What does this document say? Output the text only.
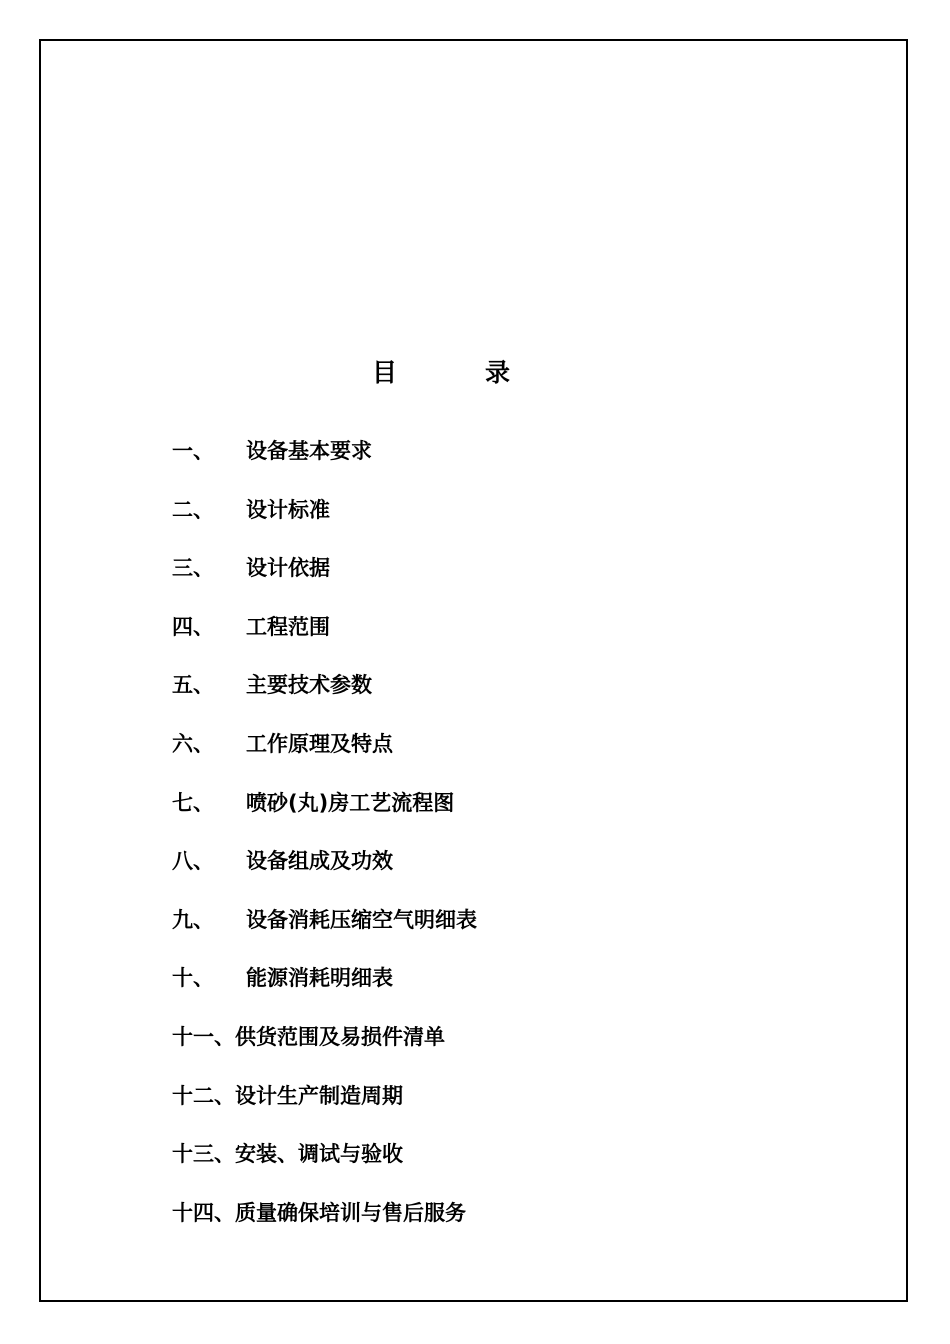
目	录
一、 设备基本要求
二、 设计标准
三、 设计依据
四、 工程范围
五、 主要技术参数
六、 工作原理及特点
七、 喷砂(丸)房工艺流程图
八、 设备组成及功效
九、 设备消耗压缩空气明细表
十、 能源消耗明细表
十一、供货范围及易损件清单
十二、设计生产制造周期
十三、安装、调试与验收
十四、质量确保培训与售后服务
